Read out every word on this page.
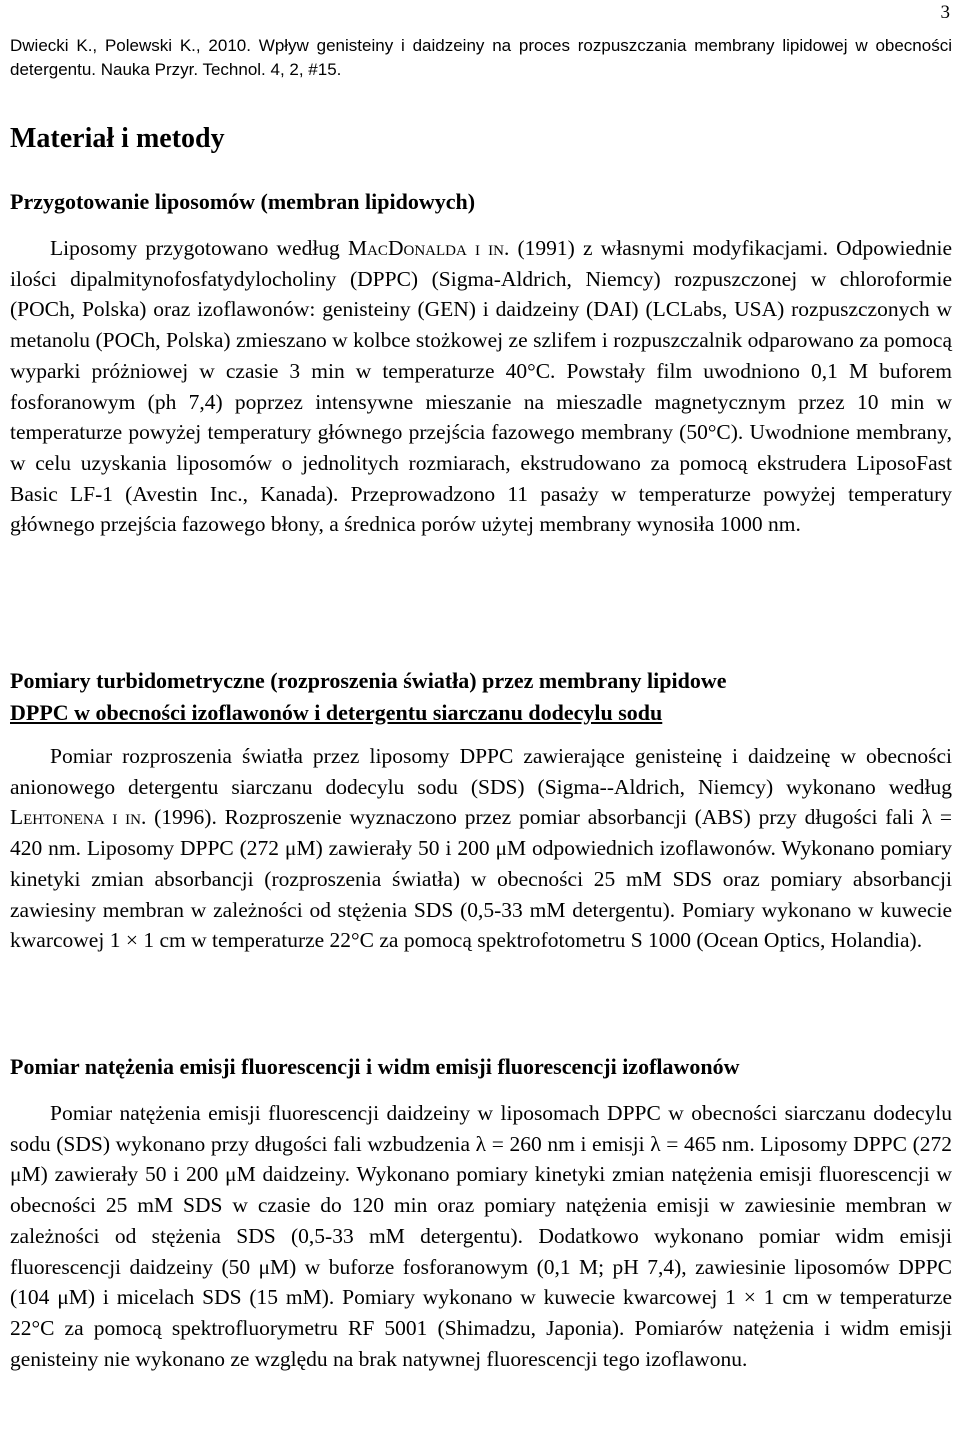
3
Dwiecki K., Polewski K., 2010. Wpływ genisteiny i daidzeiny na proces rozpuszczania membrany lipidowej w obecności detergentu. Nauka Przyr. Technol. 4, 2, #15.
Materiał i metody
Przygotowanie liposomów (membran lipidowych)

Liposomy przygotowano według MacDonalda i in. (1991) z własnymi modyfikacjami. Odpowiednie ilości dipalmitynofosfatydylocholiny (DPPC) (Sigma-Aldrich, Niemcy) rozpuszczonej w chloroformie (POCh, Polska) oraz izoflawonów: genisteiny (GEN) i daidzeiny (DAI) (LCLabs, USA) rozpuszczonych w metanolu (POCh, Polska) zmieszano w kolbce stożkowej ze szlifem i rozpuszczalnik odparowano za pomocą wyparki próżniowej w czasie 3 min w temperaturze 40°C. Powstały film uwodniono 0,1 M buforem fosforanowym (ph 7,4) poprzez intensywne mieszanie na mieszadle magnetycznym przez 10 min w temperaturze powyżej temperatury głównego przejścia fazowego membrany (50°C). Uwodnione membrany, w celu uzyskania liposomów o jednolitych rozmiarach, ekstrudowano za pomocą ekstrudera LiposoFast Basic LF-1 (Avestin Inc., Kanada). Przeprowadzono 11 pasaży w temperaturze powyżej temperatury głównego przejścia fazowego błony, a średnica porów użytej membrany wynosiła 1000 nm.

Pomiary turbidometryczne (rozproszenia światła) przez membrany lipidowe
DPPC w obecności izoflawonów i detergentu siarczanu dodecylu sodu

Pomiar rozproszenia światła przez liposomy DPPC zawierające genisteinę i daidzeinę w obecności anionowego detergentu siarczanu dodecylu sodu (SDS) (Sigma--Aldrich, Niemcy) wykonano według Lehtonena i in. (1996). Rozproszenie wyznaczono przez pomiar absorbancji (ABS) przy długości fali λ = 420 nm. Liposomy DPPC (272 μM) zawierały 50 i 200 μM odpowiednich izoflawonów. Wykonano pomiary kinetyki zmian absorbancji (rozproszenia światła) w obecności 25 mM SDS oraz pomiary absorbancji zawiesiny membran w zależności od stężenia SDS (0,5-33 mM detergentu). Pomiary wykonano w kuwecie kwarcowej 1 × 1 cm w temperaturze 22°C za pomocą spektrofotometru S 1000 (Ocean Optics, Holandia).

Pomiar natężenia emisji fluorescencji i widm emisji fluorescencji izoflawonów

Pomiar natężenia emisji fluorescencji daidzeiny w liposomach DPPC w obecności siarczanu dodecylu sodu (SDS) wykonano przy długości fali wzbudzenia λ = 260 nm i emisji λ = 465 nm. Liposomy DPPC (272 μM) zawierały 50 i 200 μM daidzeiny. Wykonano pomiary kinetyki zmian natężenia emisji fluorescencji w obecności 25 mM SDS w czasie do 120 min oraz pomiary natężenia emisji w zawiesinie membran w zależności od stężenia SDS (0,5-33 mM detergentu). Dodatkowo wykonano pomiar widm emisji fluorescencji daidzeiny (50 μM) w buforze fosforanowym (0,1 M; pH 7,4), zawiesinie liposomów DPPC (104 μM) i micelach SDS (15 mM). Pomiary wykonano w kuwecie kwarcowej 1 × 1 cm w temperaturze 22°C za pomocą spektrofluorymetru RF 5001 (Shimadzu, Japonia). Pomiarów natężenia i widm emisji genisteiny nie wykonano ze względu na brak natywnej fluorescencji tego izoflawonu.
